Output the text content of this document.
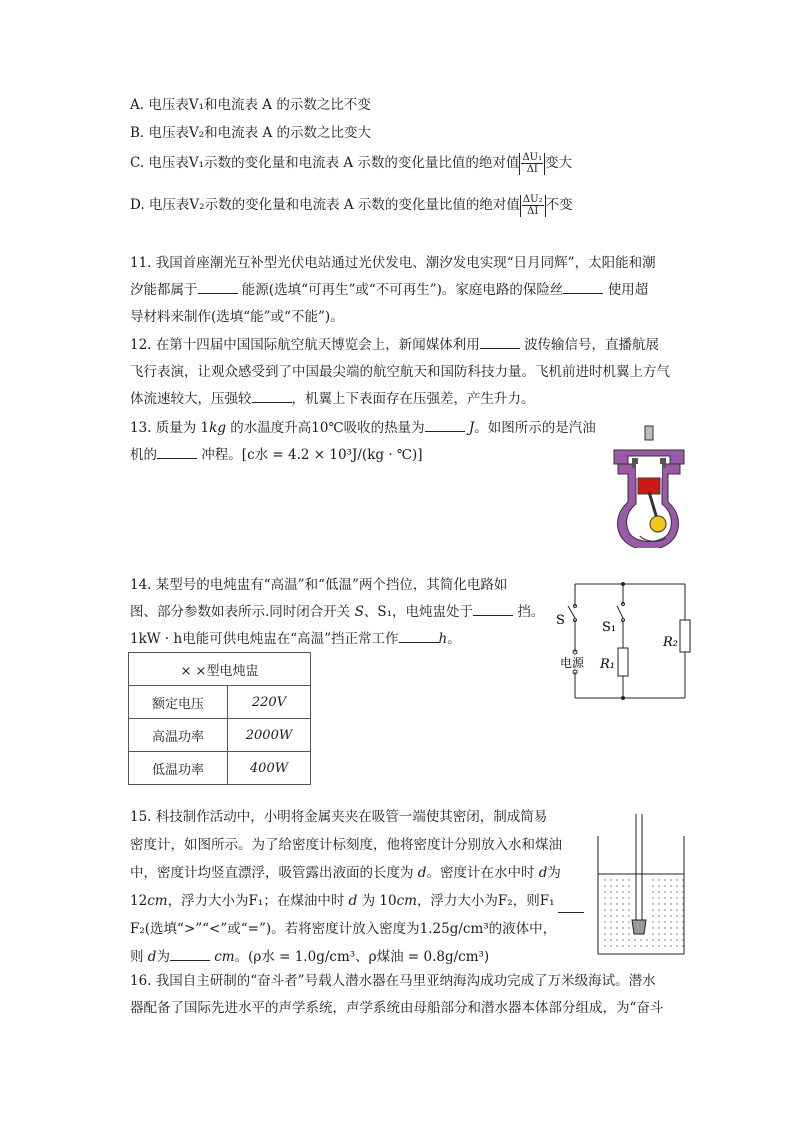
A. 电压表V₁和电流表 A 的示数之比不变
B. 电压表V₂和电流表 A 的示数之比变大
C. 电压表V₁示数的变化量和电流表 A 示数的变化量比值的绝对值 $\frac{\text{ΔU₁}}{\Delta I}$ 变大
D. 电压表V₂示数的变化量和电流表 A 示数的变化量比值的绝对值 $\frac{\text{ΔU₂}}{\Delta I}$ 不变
11. 我国首座潮光互补型光伏电站通过光伏发电、潮汐发电实现“日月同辉”，太阳能和潮
汐能都属于	能源(选填“可再生”或“不可再生”)。家庭电路的保险丝	使用超
导材料来制作(选填“能”或“不能”)。
12. 在第十四届中国国际航空航天博览会上，新闻媒体利用	波传输信号，直播航展
飞行表演，让观众感受到了中国最尖端的航空航天和国防科技力量。飞机前进时机翼上方气
体流速较大，压强较	，机翼上下表面存在压强差，产生升力。
13. 质量为 1kg 的水温度升高10℃吸收的热量为	J。如图所示的是汽油
机的	冲程。[c水 = 4.2 × 10³J/(kg · ℃)]
14. 某型号的电炖盅有“高温”和“低温”两个挡位，其简化电路如
图、部分参数如表所示.同时闭合开关 S、S₁，电炖盅处于	挡。
1kW · h电能可供电炖盅在“高温”挡正常工作	h。
× ×型电炖盅	
额定电压	220V
高温功率	2000W
低温功率	400W
S	S₁
R₁
R₂
电源
15. 科技制作活动中，小明将金属夹夹在吸管一端使其密闭，制成简易
密度计，如图所示。为了给密度计标刻度，他将密度计分别放入水和煤油
中，密度计均竖直漂浮，吸管露出液面的长度为 d。密度计在水中时 d为
12cm，浮力大小为F₁；在煤油中时 d 为 10cm，浮力大小为F₂，则F₁
F₂(选填“>”“<”或“=”)。若将密度计放入密度为1.25g/cm³的液体中，
则 d为	cm。(ρ水 = 1.0g/cm³、ρ煤油 = 0.8g/cm³)
16. 我国自主研制的“奋斗者”号载人潜水器在马里亚纳海沟成功完成了万米级海试。潜水
器配备了国际先进水平的声学系统，声学系统由母船部分和潜水器本体部分组成，为“奋斗
